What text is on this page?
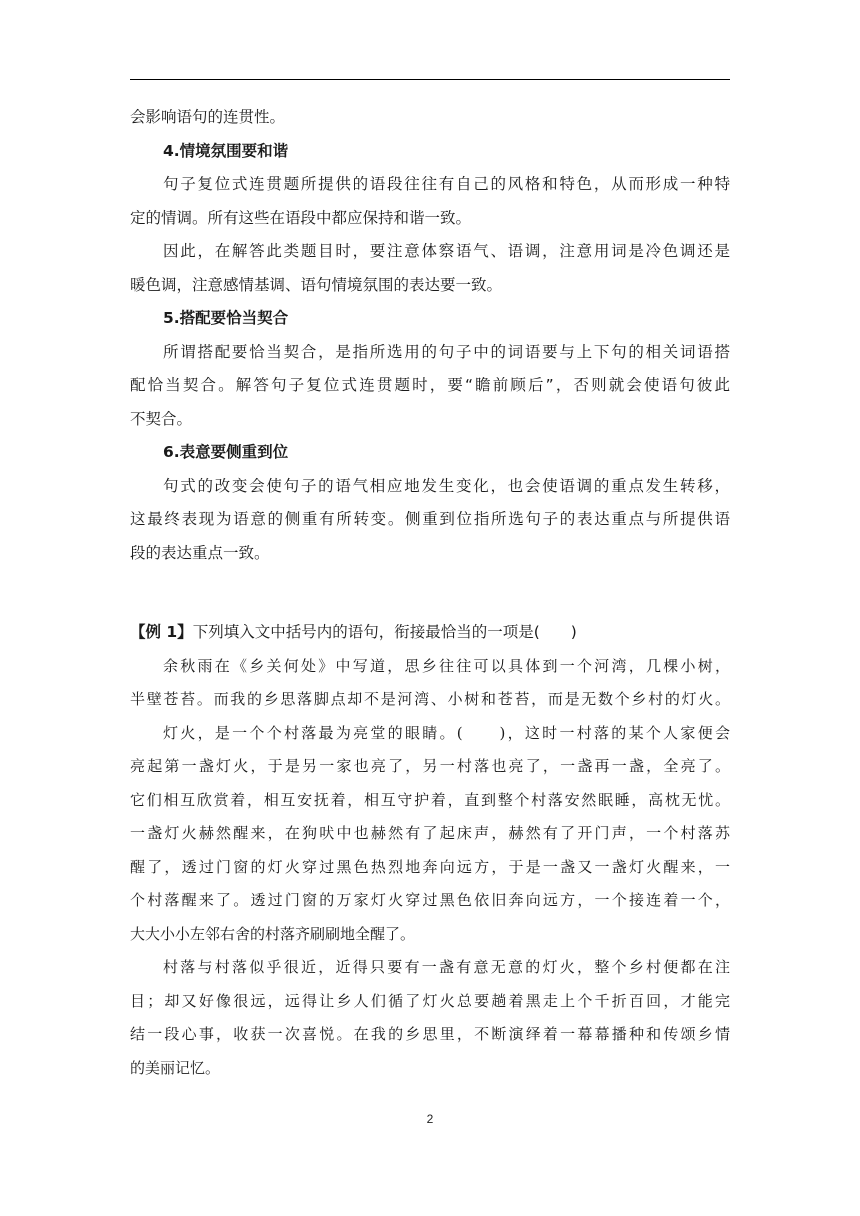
会影响语句的连贯性。
4.情境氛围要和谐
句子复位式连贯题所提供的语段往往有自己的风格和特色，从而形成一种特
定的情调。所有这些在语段中都应保持和谐一致。
因此，在解答此类题目时，要注意体察语气、语调，注意用词是冷色调还是
暖色调，注意感情基调、语句情境氛围的表达要一致。
5.搭配要恰当契合
所谓搭配要恰当契合，是指所选用的句子中的词语要与上下句的相关词语搭
配恰当契合。解答句子复位式连贯题时，要“瞻前顾后”，否则就会使语句彼此
不契合。
6.表意要侧重到位
句式的改变会使句子的语气相应地发生变化，也会使语调的重点发生转移，
这最终表现为语意的侧重有所转变。侧重到位指所选句子的表达重点与所提供语
段的表达重点一致。
【例 1】下列填入文中括号内的语句，衔接最恰当的一项是(　　)
余秋雨在《乡关何处》中写道，思乡往往可以具体到一个河湾，几棵小树，
半壁苍苔。而我的乡思落脚点却不是河湾、小树和苍苔，而是无数个乡村的灯火。
灯火，是一个个村落最为亮堂的眼睛。(　　)，这时一村落的某个人家便会
亮起第一盏灯火，于是另一家也亮了，另一村落也亮了，一盏再一盏，全亮了。
它们相互欣赏着，相互安抚着，相互守护着，直到整个村落安然眠睡，高枕无忧。
一盏灯火赫然醒来，在狗吠中也赫然有了起床声，赫然有了开门声，一个村落苏
醒了，透过门窗的灯火穿过黑色热烈地奔向远方，于是一盏又一盏灯火醒来，一
个村落醒来了。透过门窗的万家灯火穿过黑色依旧奔向远方，一个接连着一个，
大大小小左邻右舍的村落齐刷刷地全醒了。
村落与村落似乎很近，近得只要有一盏有意无意的灯火，整个乡村便都在注
目；却又好像很远，远得让乡人们循了灯火总要趟着黑走上个千折百回，才能完
结一段心事，收获一次喜悦。在我的乡思里，不断演绎着一幕幕播种和传颂乡情
的美丽记忆。
2
